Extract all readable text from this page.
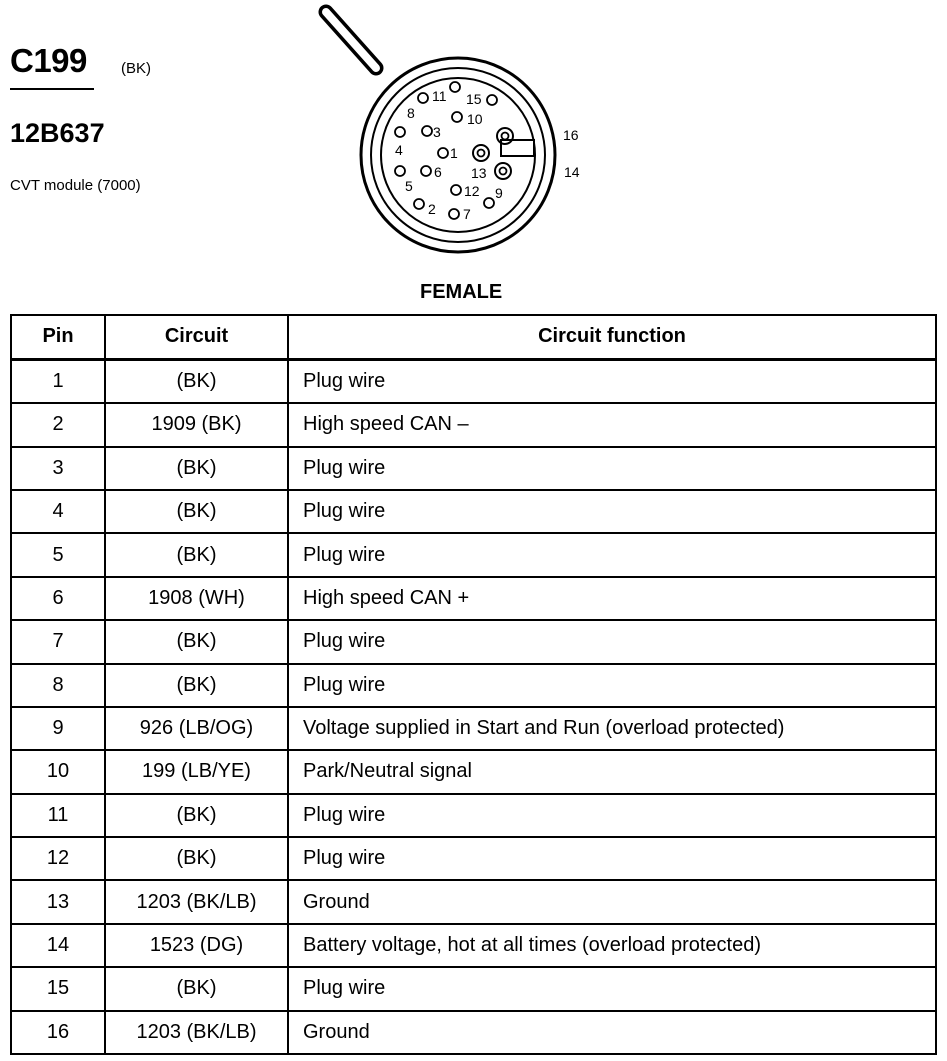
C199 (BK)
12B637
CVT module (7000)
1
2
3
4
5
6
7
8
9
10
11
12
13	14
15
16
FEMALE
Pin	Circuit	Circuit function
1	(BK)	Plug wire
2	1909 (BK)	High speed CAN –
3	(BK)	Plug wire
4	(BK)	Plug wire
5	(BK)	Plug wire
6	1908 (WH)	High speed CAN +
7	(BK)	Plug wire
8	(BK)	Plug wire
9	926 (LB/OG)	Voltage supplied in Start and Run (overload protected)
10	199 (LB/YE)	Park/Neutral signal
11	(BK)	Plug wire
12	(BK)	Plug wire
13	1203 (BK/LB)	Ground
14	1523 (DG)	Battery voltage, hot at all times (overload protected)
15	(BK)	Plug wire
16	1203 (BK/LB)	Ground
